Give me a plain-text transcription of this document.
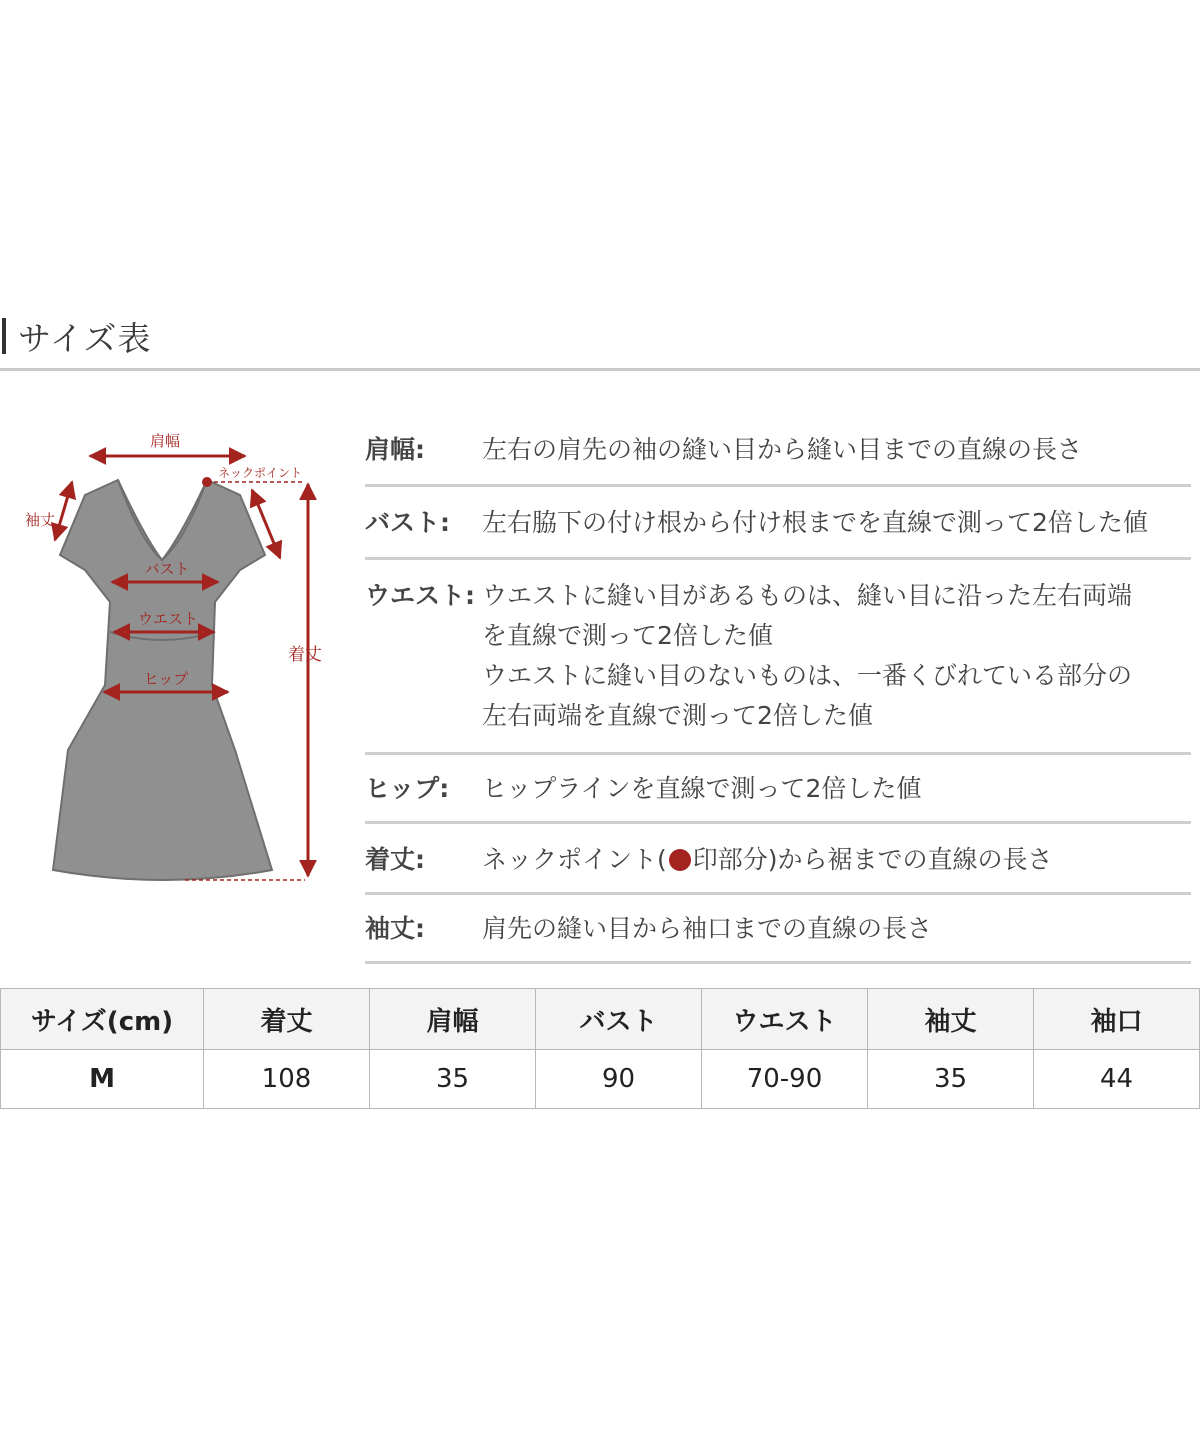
サイズ表
肩幅
ネックポイント
袖丈
バスト
ウエスト
ヒップ
着丈
肩幅:	左右の肩先の袖の縫い目から縫い目までの直線の長さ
バスト:	左右脇下の付け根から付け根までを直線で測って2倍した値
ウエスト: ウエストに縫い目があるものは、縫い目に沿った左右両端
を直線で測って2倍した値
ウエストに縫い目のないものは、一番くびれている部分の
左右両端を直線で測って2倍した値
ヒップ:	ヒップラインを直線で測って2倍した値
着丈:	ネックポイント( 印部分)から裾までの直線の長さ
袖丈:	肩先の縫い目から袖口までの直線の長さ
サイズ(cm)	着丈	肩幅	バスト	ウエスト	袖丈	袖口
M	108	35	90	70-90	35	44
